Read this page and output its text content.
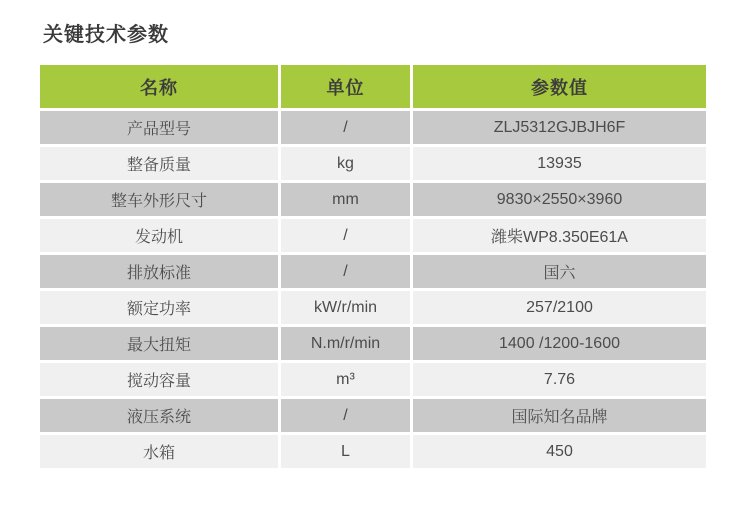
关键技术参数
名称	单位	参数值
产品型号	/	ZLJ5312GJBJH6F
整备质量	kg	13935
整车外形尺寸	mm	9830×2550×3960
发动机	/	潍柴WP8.350E61A
排放标准	/	国六
额定功率	kW/r/min	257/2100
最大扭矩	N.m/r/min	1400 /1200-1600
搅动容量	m³	7.76
液压系统	/	国际知名品牌
水箱	L	450
